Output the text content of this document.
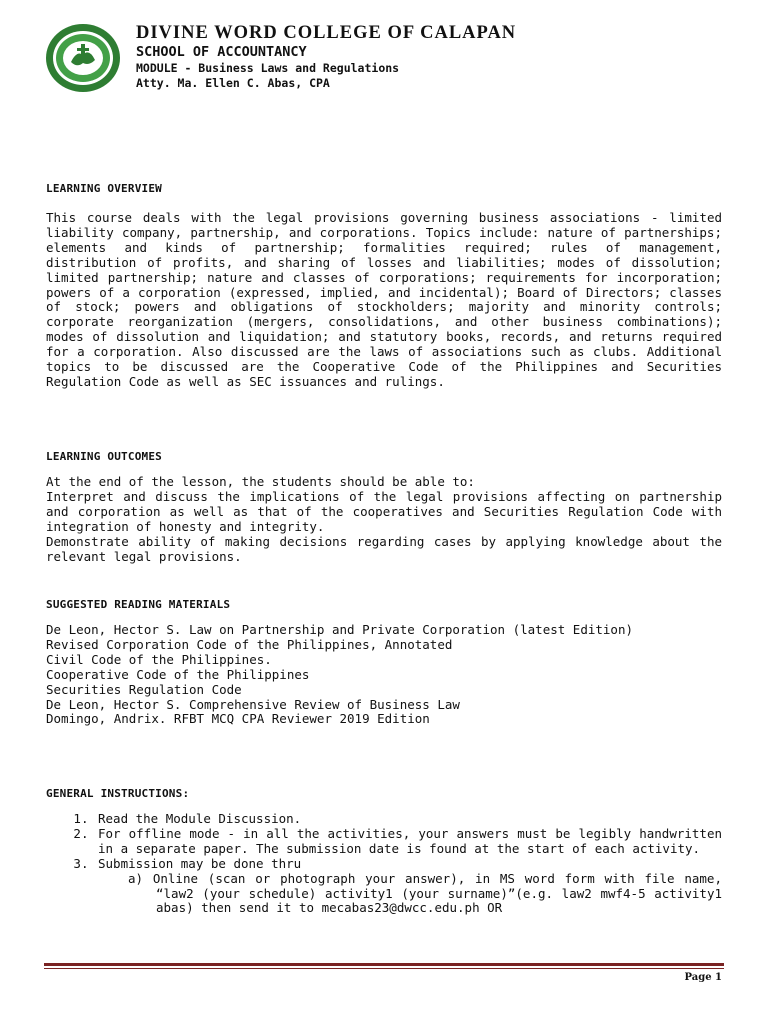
DIVINE WORD COLLEGE OF CALAPAN
SCHOOL OF ACCOUNTANCY
MODULE - Business Laws and Regulations
Atty. Ma. Ellen C. Abas, CPA
LEARNING OVERVIEW

This course deals with the legal provisions governing business associations - limited liability company, partnership, and corporations. Topics include: nature of partnerships; elements and kinds of partnership; formalities required; rules of management, distribution of profits, and sharing of losses and liabilities; modes of dissolution; limited partnership; nature and classes of corporations; requirements for incorporation; powers of a corporation (expressed, implied, and incidental); Board of Directors; classes of stock; powers and obligations of stockholders; majority and minority controls; corporate reorganization (mergers, consolidations, and other business combinations); modes of dissolution and liquidation; and statutory books, records, and returns required for a corporation. Also discussed are the laws of associations such as clubs. Additional topics to be discussed are the Cooperative Code of the Philippines and Securities Regulation Code as well as SEC issuances and rulings.

LEARNING OUTCOMES
At the end of the lesson, the students should be able to:
Interpret and discuss the implications of the legal provisions affecting on partnership and corporation as well as that of the cooperatives and Securities Regulation Code with integration of honesty and integrity.
Demonstrate ability of making decisions regarding cases by applying knowledge about the relevant legal provisions.
SUGGESTED READING MATERIALS
De Leon, Hector S. Law on Partnership and Private Corporation (latest Edition)
Revised Corporation Code of the Philippines, Annotated
Civil Code of the Philippines.
Cooperative Code of the Philippines
Securities Regulation Code
De Leon, Hector S. Comprehensive Review of Business Law
Domingo, Andrix. RFBT MCQ CPA Reviewer 2019 Edition
GENERAL INSTRUCTIONS:
1. Read the Module Discussion.
2. For offline mode - in all the activities, your answers must be legibly handwritten in a separate paper. The submission date is found at the start of each activity.
3. Submission may be done thru
a) Online (scan or photograph your answer), in MS word form with file name, “law2 (your schedule) activity1 (your surname)”(e.g. law2 mwf4-5 activity1 abas) then send it to mecabas23@dwcc.edu.ph OR
Page 1
